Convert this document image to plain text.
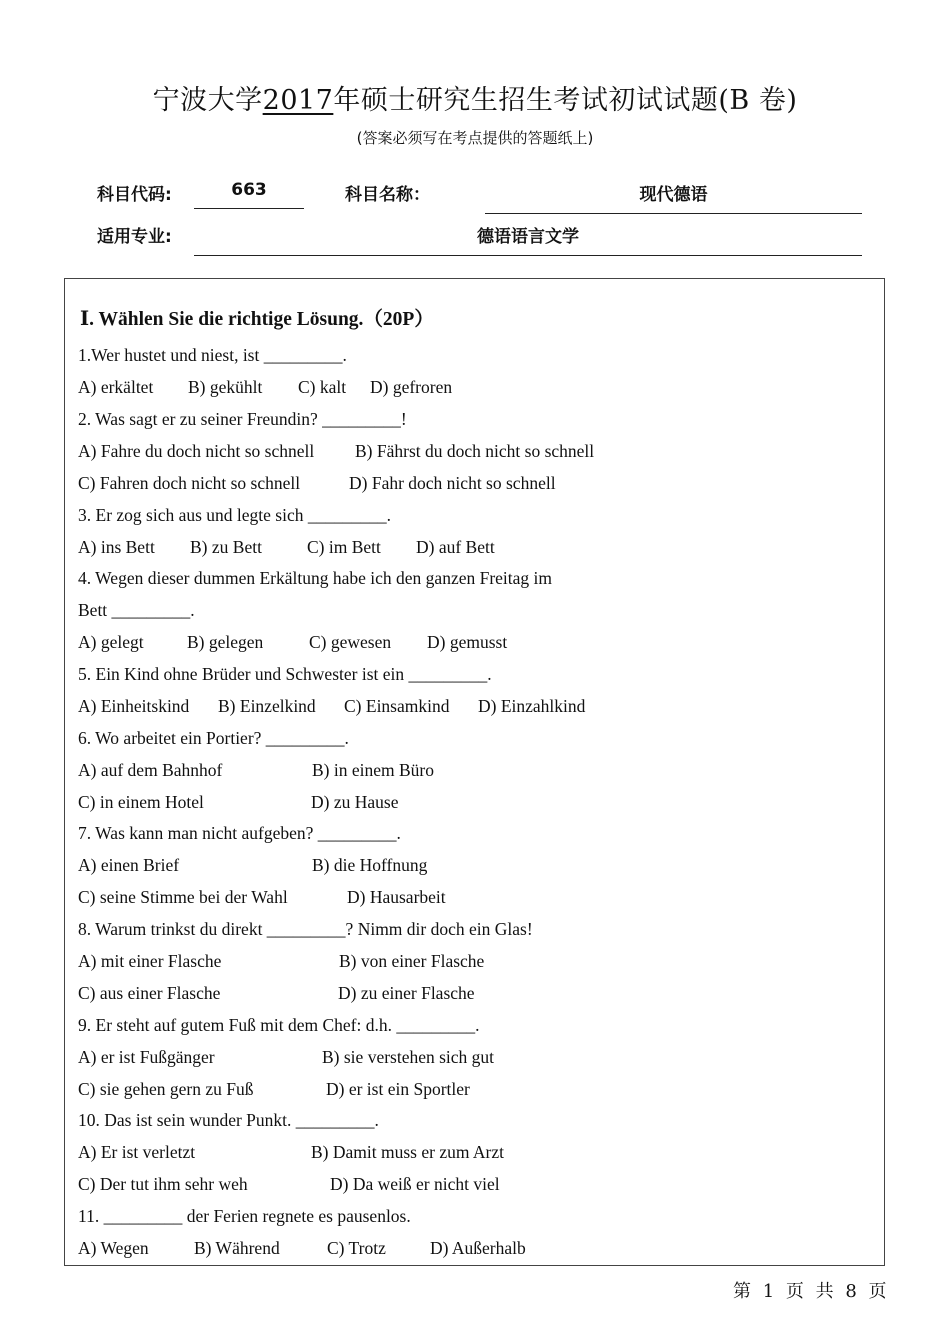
宁波大学2017年硕士研究生招生考试初试试题(B 卷)
(答案必须写在考点提供的答题纸上)
科目代码:	663	科目名称：	现代德语
适用专业:	德语语言文学
Ⅰ. Wählen Sie die richtige Lösung.（20P）
1.Wer hustet und niest, ist _________.
A) erkältet B) gekühlt C) kalt D) gefroren
2. Was sagt er zu seiner Freundin? _________!
A) Fahre du doch nicht so schnell B) Fährst du doch nicht so schnell
C) Fahren doch nicht so schnell	D) Fahr doch nicht so schnell
3. Er zog sich aus und legte sich _________.
A) ins Bett B) zu Bett	C) im Bett D) auf Bett
4. Wegen dieser dummen Erkältung habe ich den ganzen Freitag im
Bett _________.
A) gelegt B) gelegen	C) gewesen D) gemusst
5. Ein Kind ohne Brüder und Schwester ist ein _________.
A) Einheitskind B) Einzelkind C) Einsamkind D) Einzahlkind
6. Wo arbeitet ein Portier? _________.
A) auf dem Bahnhof	B) in einem Büro
C) in einem Hotel	D) zu Hause
7. Was kann man nicht aufgeben? _________.
A) einen Brief	B) die Hoffnung
C) seine Stimme bei der Wahl	D) Hausarbeit
8. Warum trinkst du direkt _________? Nimm dir doch ein Glas!
A) mit einer Flasche	B) von einer Flasche
C) aus einer Flasche	D) zu einer Flasche
9. Er steht auf gutem Fuß mit dem Chef: d.h. _________.
A) er ist Fußgänger	B) sie verstehen sich gut
C) sie gehen gern zu Fuß	D) er ist ein Sportler
10. Das ist sein wunder Punkt. _________.
A) Er ist verletzt	B) Damit muss er zum Arzt
C) Der tut ihm sehr weh	D) Da weiß er nicht viel
11. _________ der Ferien regnete es pausenlos.
A) Wegen	B) Während	C) Trotz	D) Außerhalb
第 1 页 共 8 页
